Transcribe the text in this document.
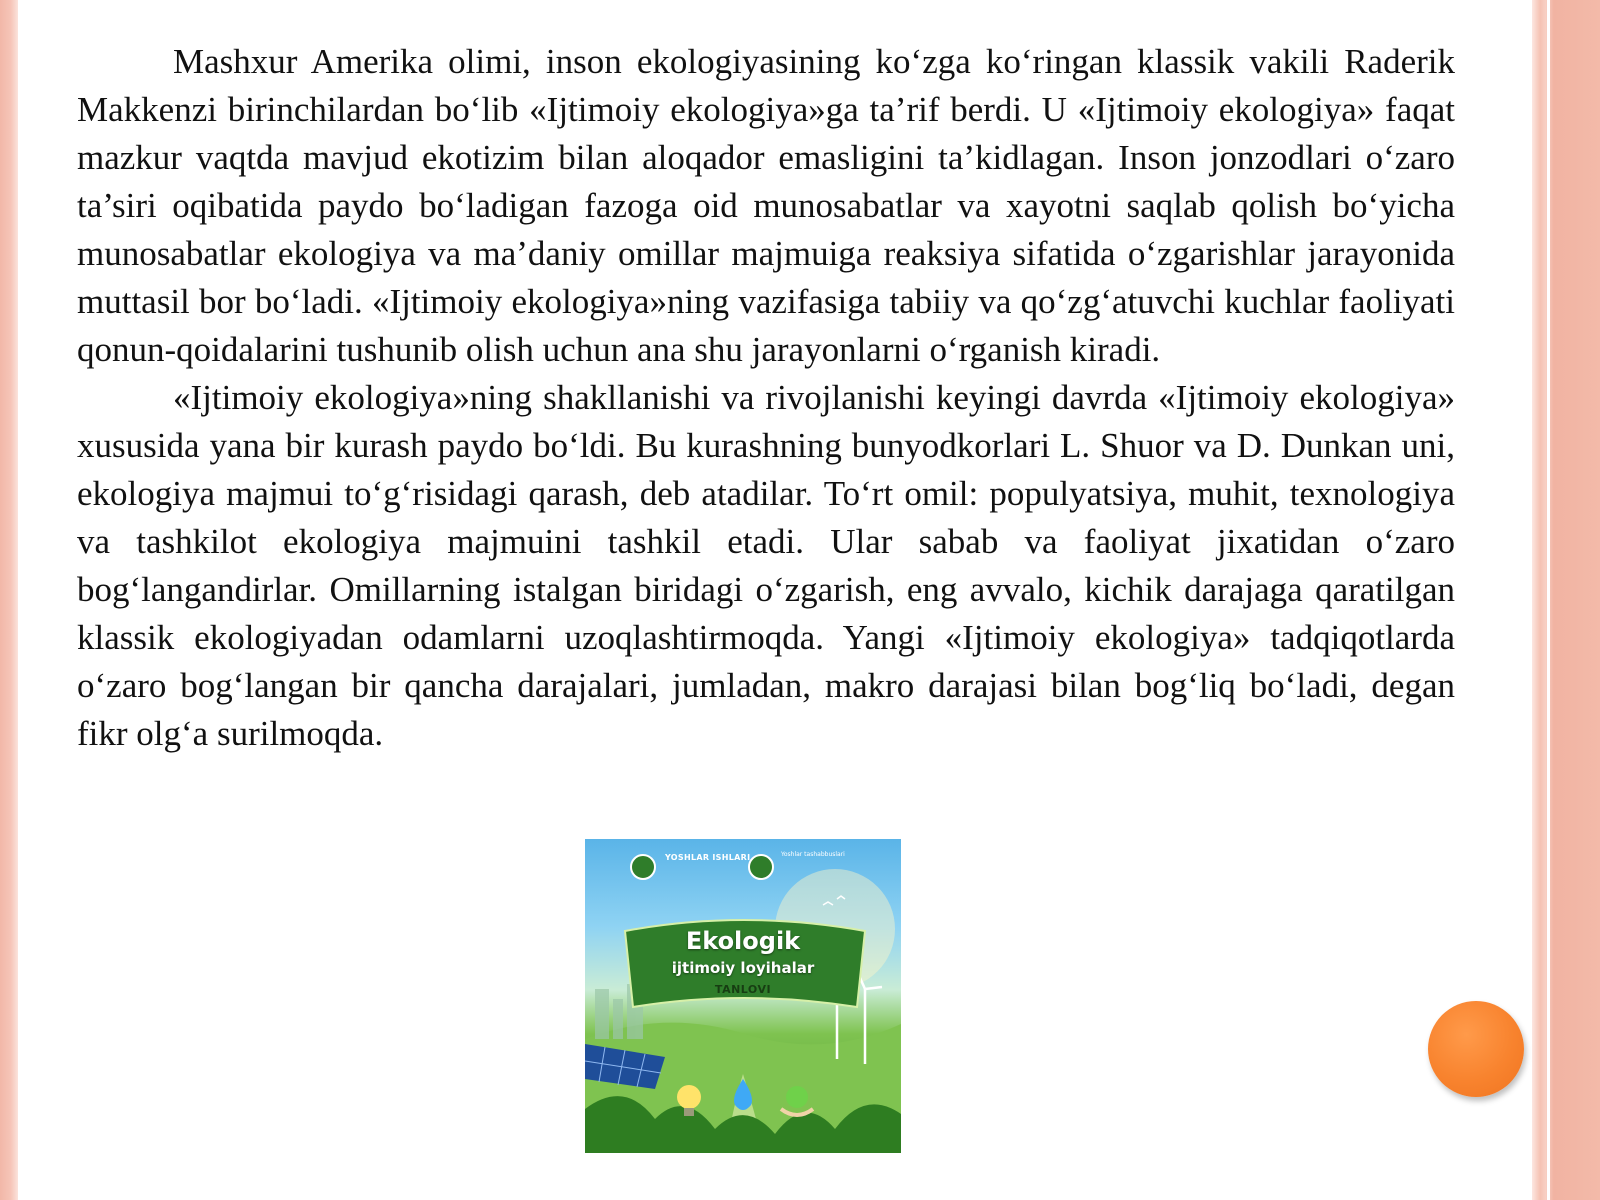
Mashxur Amerika olimi, inson ekologiyasining ko‘zga ko‘ringan klassik vakili Raderik Makkenzi birinchilardan bo‘lib «Ijtimoiy ekologiya»ga ta’rif berdi. U «Ijtimoiy ekologiya» faqat mazkur vaqtda mavjud ekotizim bilan aloqador emasligini ta’kidlagan. Inson jonzodlari o‘zaro ta’siri oqibatida paydo bo‘ladigan fazoga oid munosabatlar va xayotni saqlab qolish bo‘yicha munosabatlar ekologiya va ma’daniy omillar majmuiga reaksiya sifatida o‘zgarishlar jarayonida muttasil bor bo‘ladi. «Ijtimoiy ekologiya»ning vazifasiga tabiiy va qo‘zg‘atuvchi kuchlar faoliyati qonun-qoidalarini tushunib olish uchun ana shu jarayonlarni o‘rganish kiradi.

«Ijtimoiy ekologiya»ning shakllanishi va rivojlanishi keyingi davrda «Ijtimoiy ekologiya» xususida yana bir kurash paydo bo‘ldi. Bu kurashning bunyodkorlari L. Shuor va D. Dunkan uni, ekologiya majmui to‘g‘risidagi qarash, deb atadilar. To‘rt omil: populyatsiya, muhit, texnologiya va tashkilot ekologiya majmuini tashkil etadi. Ular sabab va faoliyat jixatidan o‘zaro bog‘langandirlar. Omillarning istalgan biridagi o‘zgarish, eng avvalo, kichik darajaga qaratilgan klassik ekologiyadan odamlarni uzoqlashtirmoqda. Yangi «Ijtimoiy ekologiya» tadqiqotlarda o‘zaro bog‘langan bir qancha darajalari, jumladan, makro darajasi bilan bog‘liq bo‘ladi, degan fikr olg‘a surilmoqda.

YOSHLAR ISHLARI	Yoshlar tashabbuslari
Ekologik
ijtimoiy loyihalar
TANLOVI
